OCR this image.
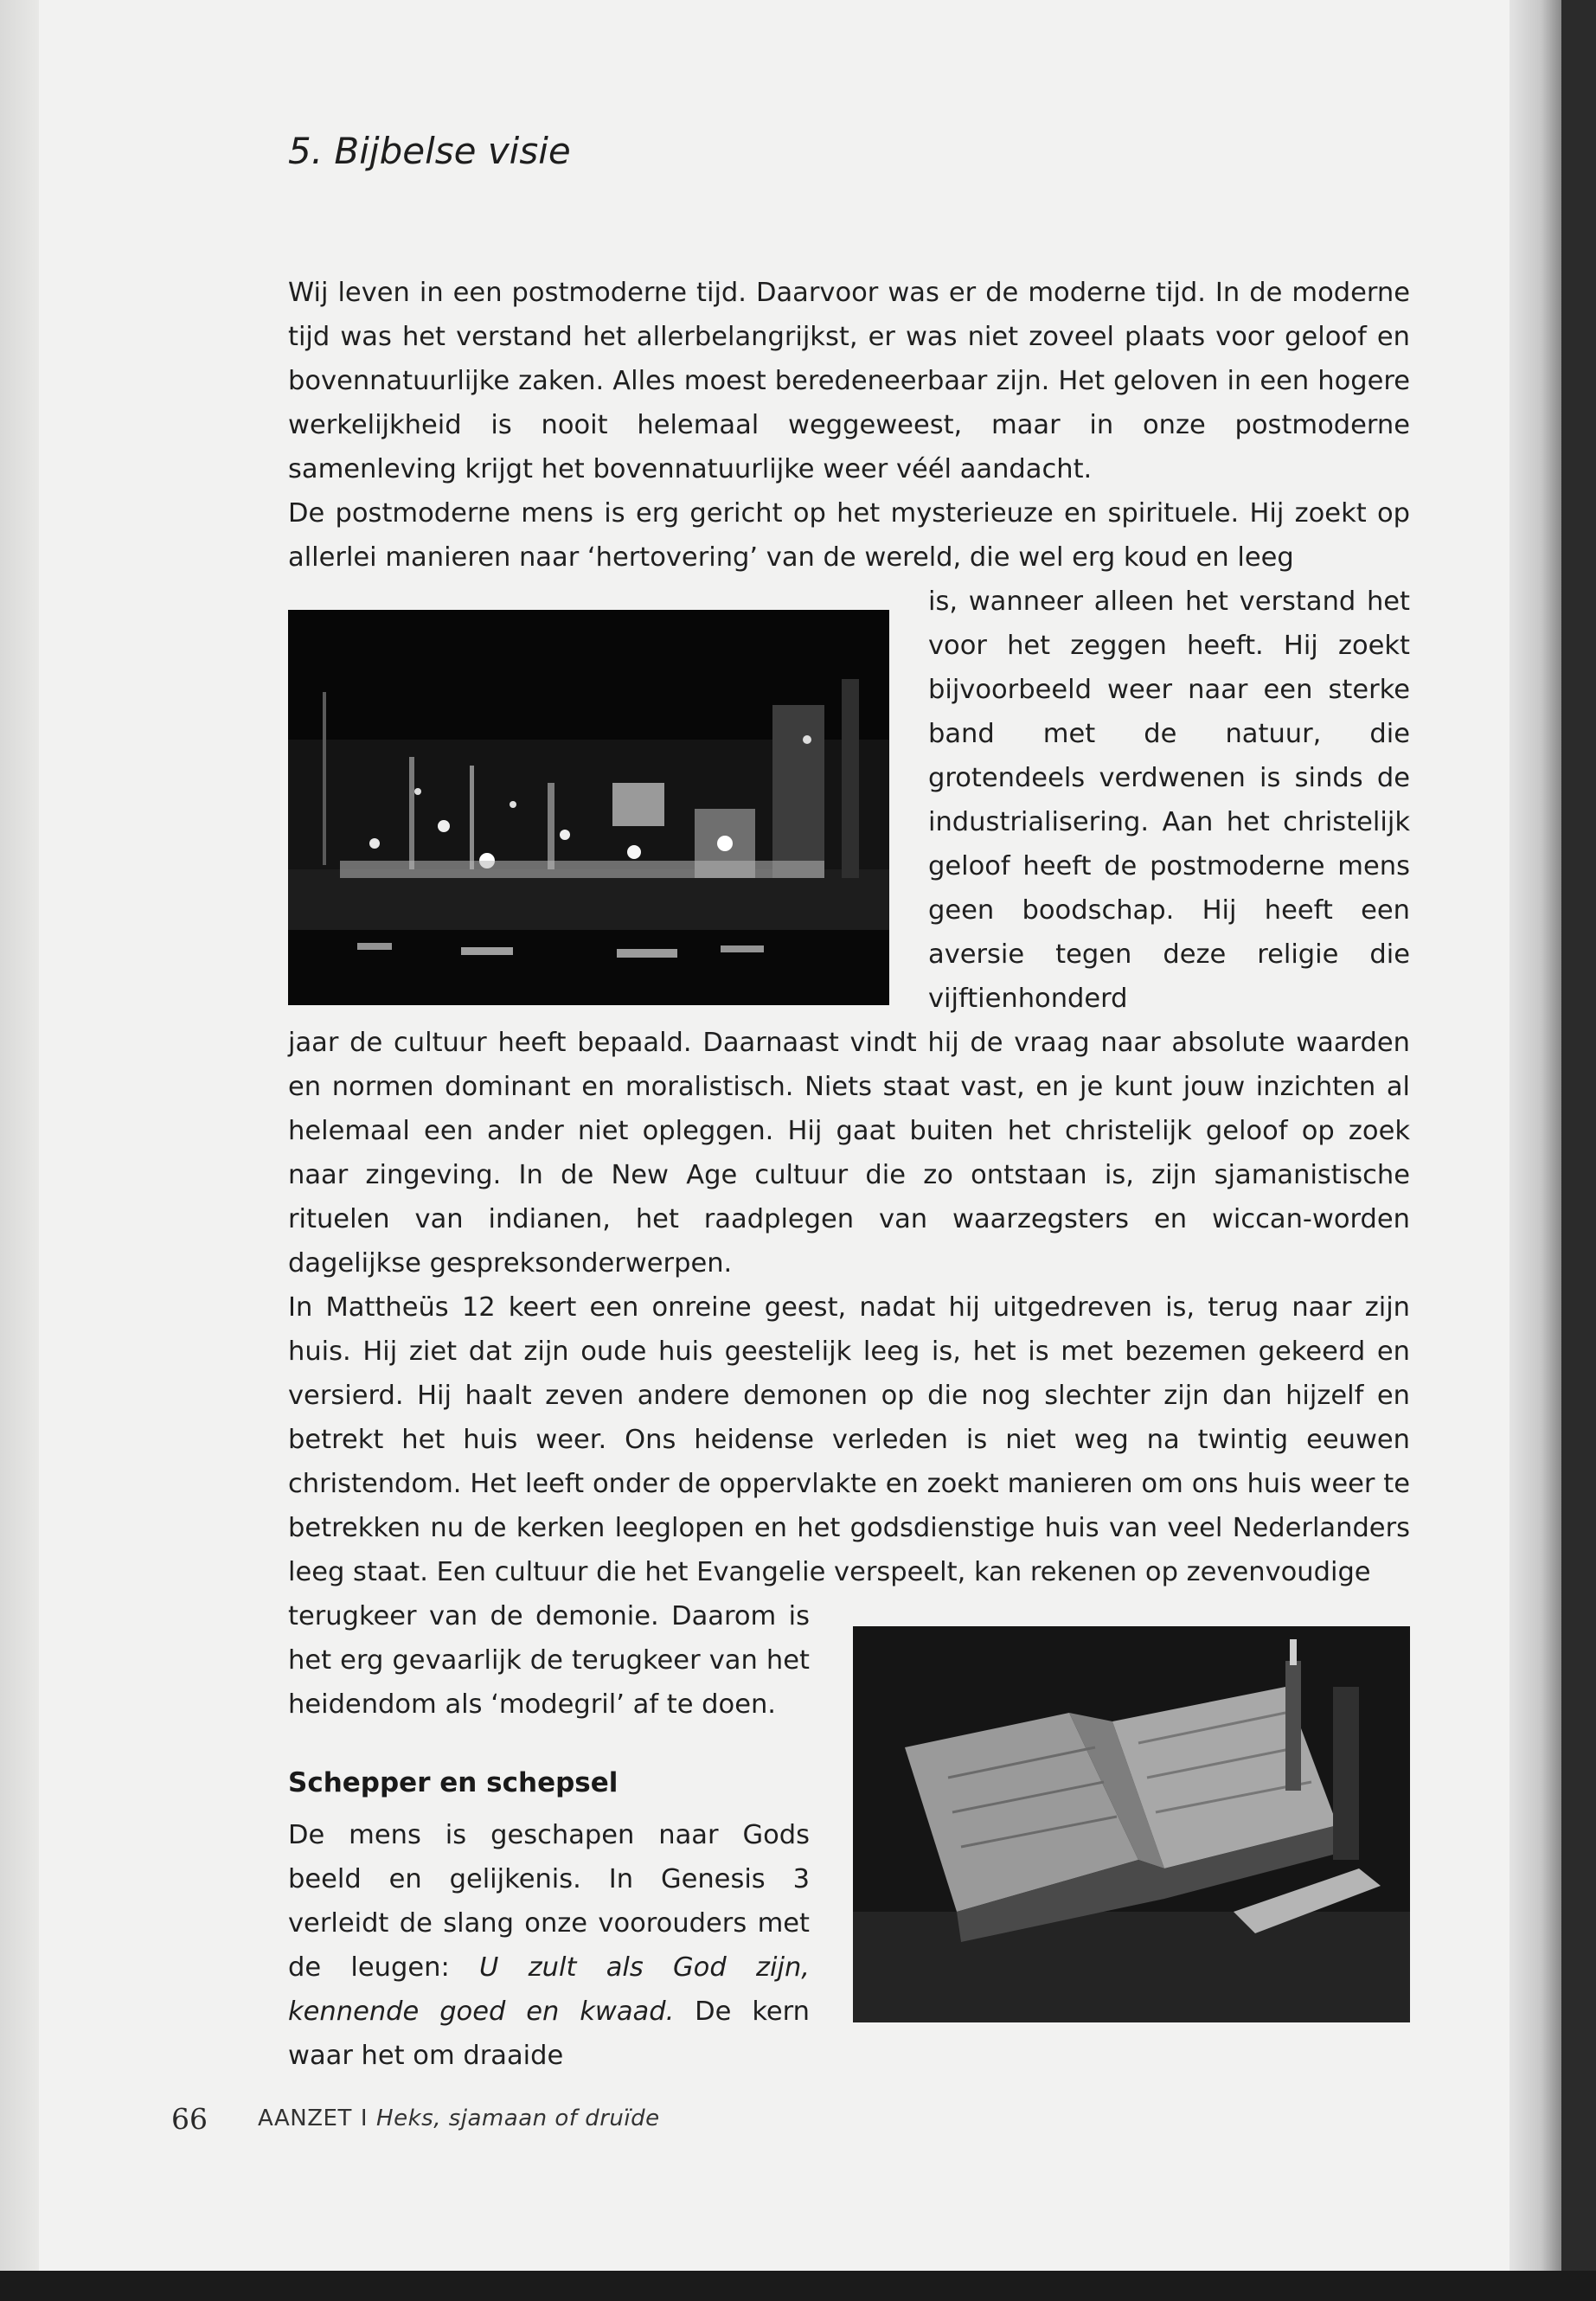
5. Bijbelse visie

Wij leven in een postmoderne tijd. Daarvoor was er de moderne tijd. In de moderne tijd was het verstand het allerbelangrijkst, er was niet zoveel plaats voor geloof en bovennatuurlijke zaken. Alles moest beredeneerbaar zijn. Het geloven in een hogere werkelijkheid is nooit helemaal weggeweest, maar in onze postmoderne samenleving krijgt het bovennatuurlijke weer véél aandacht.

De postmoderne mens is erg gericht op het mysterieuze en spirituele. Hij zoekt op allerlei manieren naar ‘hertovering’ van de wereld, die wel erg koud en leeg

is, wanneer alleen het verstand het voor het zeggen heeft. Hij zoekt bijvoorbeeld weer naar een sterke band met de natuur, die grotendeels verdwenen is sinds de industrialisering. Aan het christelijk geloof heeft de postmoderne mens geen boodschap. Hij heeft een aversie tegen deze religie die vijftienhonderd

jaar de cultuur heeft bepaald. Daarnaast vindt hij de vraag naar absolute waarden en normen dominant en moralistisch. Niets staat vast, en je kunt jouw inzichten al helemaal een ander niet opleggen. Hij gaat buiten het christelijk geloof op zoek naar zingeving. In de New Age cultuur die zo ontstaan is, zijn sjamanistische rituelen van indianen, het raadplegen van waarzegsters en wiccan-worden dagelijkse gespreksonderwerpen.

In Mattheüs 12 keert een onreine geest, nadat hij uitgedreven is, terug naar zijn huis. Hij ziet dat zijn oude huis geestelijk leeg is, het is met bezemen gekeerd en versierd. Hij haalt zeven andere demonen op die nog slechter zijn dan hijzelf en betrekt het huis weer. Ons heidense verleden is niet weg na twintig eeuwen christendom. Het leeft onder de oppervlakte en zoekt manieren om ons huis weer te betrekken nu de kerken leeglopen en het godsdienstige huis van veel Nederlanders leeg staat. Een cultuur die het Evangelie verspeelt, kan rekenen op zevenvoudige

terugkeer van de demonie. Daarom is het erg gevaarlijk de terugkeer van het heidendom als ‘modegril’ af te doen.

Schepper en schepsel

De mens is geschapen naar Gods beeld en gelijkenis. In Genesis 3 verleidt de slang onze voorouders met de leugen: U zult als God zijn, kennende goed en kwaad. De kern waar het om draaide

66 AANZET I Heks, sjamaan of druïde
